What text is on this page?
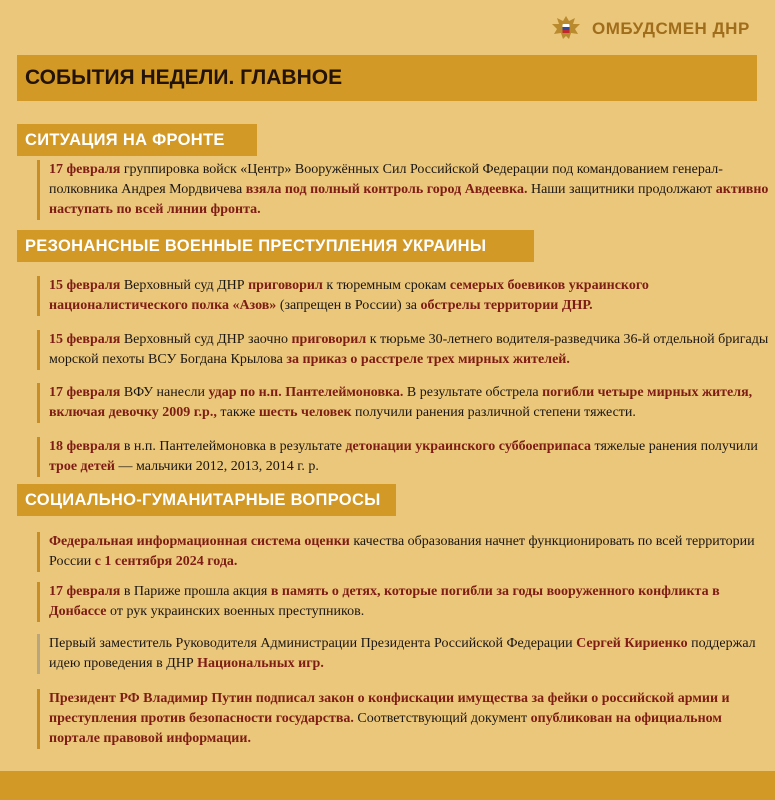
ОМБУДСМЕН ДНР
СОБЫТИЯ НЕДЕЛИ. ГЛАВНОЕ
СИТУАЦИЯ НА ФРОНТЕ
17 февраля группировка войск «Центр» Вооружённых Сил Российской Федерации под командованием генерал-полковника Андрея Мордвичева взяла под полный контроль город Авдеевка. Наши защитники продолжают активно наступать по всей линии фронта.
РЕЗОНАНСНЫЕ ВОЕННЫЕ ПРЕСТУПЛЕНИЯ УКРАИНЫ
15 февраля Верховный суд ДНР приговорил к тюремным срокам семерых боевиков украинского националистического полка «Азов» (запрещен в России) за обстрелы территории ДНР.
15 февраля Верховный суд ДНР заочно приговорил к тюрьме 30-летнего водителя-разведчика 36-й отдельной бригады морской пехоты ВСУ Богдана Крылова за приказ о расстреле трех мирных жителей.
17 февраля ВФУ нанесли удар по н.п. Пантелеймоновка. В результате обстрела погибли четыре мирных жителя, включая девочку 2009 г.р., также шесть человек получили ранения различной степени тяжести.
18 февраля в н.п. Пантелеймоновка в результате детонации украинского суббоеприпаса тяжелые ранения получили трое детей — мальчики 2012, 2013, 2014 г. р.
СОЦИАЛЬНО-ГУМАНИТАРНЫЕ ВОПРОСЫ
Федеральная информационная система оценки качества образования начнет функционировать по всей территории России с 1 сентября 2024 года.
17 февраля в Париже прошла акция в память о детях, которые погибли за годы вооруженного конфликта в Донбассе от рук украинских военных преступников.
Первый заместитель Руководителя Администрации Президента Российской Федерации Сергей Кириенко поддержал идею проведения в ДНР Национальных игр.
Президент РФ Владимир Путин подписал закон о конфискации имущества за фейки о российской армии и преступления против безопасности государства. Соответствующий документ опубликован на официальном портале правовой информации.
